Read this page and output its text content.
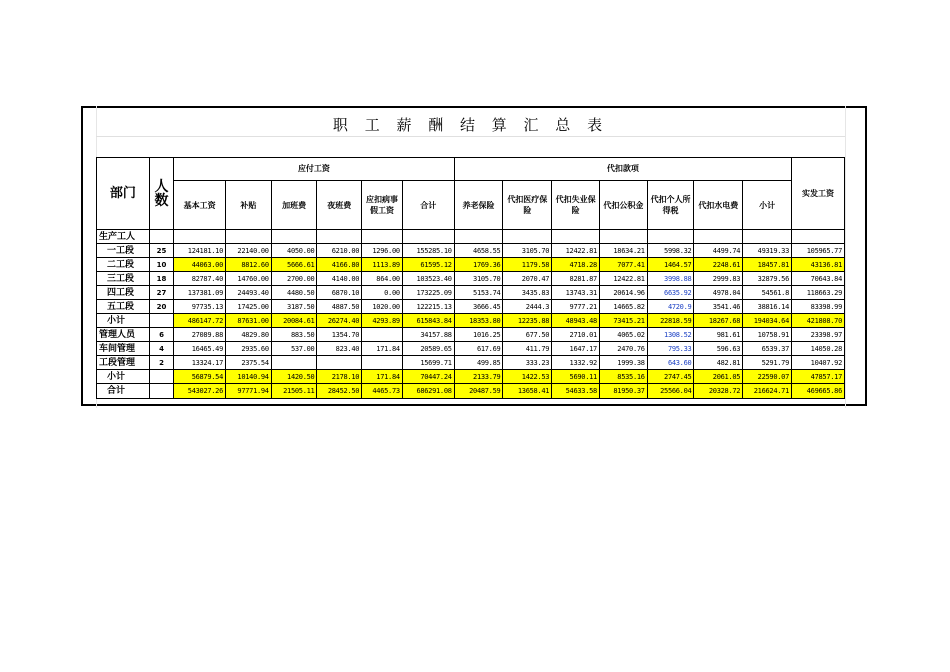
职 工 薪 酬 结 算 汇 总 表
部门	人数	应付工资						代扣款项							实发工资
		基本工资	补贴	加班费	夜班费	应扣病事假工资	合计	养老保险	代扣医疗保险	代扣失业保险	代扣公积金	代扣个人所得税	代扣水电费	小计	
生产工人															
一工段	25	124181.10	22140.00	4050.00	6210.00	1296.00	155285.10	4658.55	3105.70	12422.81	18634.21	5998.32	4499.74	49319.33	105965.77
二工段	10	44063.00	8812.60	5666.61	4166.80	1113.89	61595.12	1769.36	1179.58	4718.28	7077.41	1464.57	2248.61	18457.81	43136.81
三工段	18	82787.40	14760.00	2700.00	4140.00	864.00	103523.40	3105.70	2070.47	8281.87	12422.81	3998.88	2999.83	32879.56	70643.84
四工段	27	137381.09	24493.40	4480.50	6870.10	0.00	173225.09	5153.74	3435.83	13743.31	20614.96	6635.92	4978.04	54561.8	118663.29
五工段	20	97735.13	17425.00	3187.50	4887.50	1020.00	122215.13	3666.45	2444.3	9777.21	14665.82	4720.9	3541.46	38816.14	83398.99
小计		486147.72	87631.00	20084.61	26274.40	4293.89	615843.84	18353.80	12235.88	48943.48	73415.21	22818.59	18267.68	194034.64	421808.70
管理人员	6	27089.88	4829.80	883.50	1354.70		34157.88	1016.25	677.50	2710.01	4065.02	1308.52	981.61	10758.91	23398.97
车间管理	4	16465.49	2935.60	537.00	823.40	171.84	20589.65	617.69	411.79	1647.17	2470.76	795.33	596.63	6539.37	14050.28
工段管理	2	13324.17	2375.54				15699.71	499.85	333.23	1332.92	1999.38	643.60	482.81	5291.79	10407.92
小计		56879.54	10140.94	1420.50	2178.10	171.84	70447.24	2133.79	1422.53	5690.11	8535.16	2747.45	2061.05	22590.07	47857.17
合计		543027.26	97771.94	21505.11	28452.50	4465.73	686291.08	20487.59	13658.41	54633.58	81950.37	25566.04	20328.72	216624.71	469665.86
